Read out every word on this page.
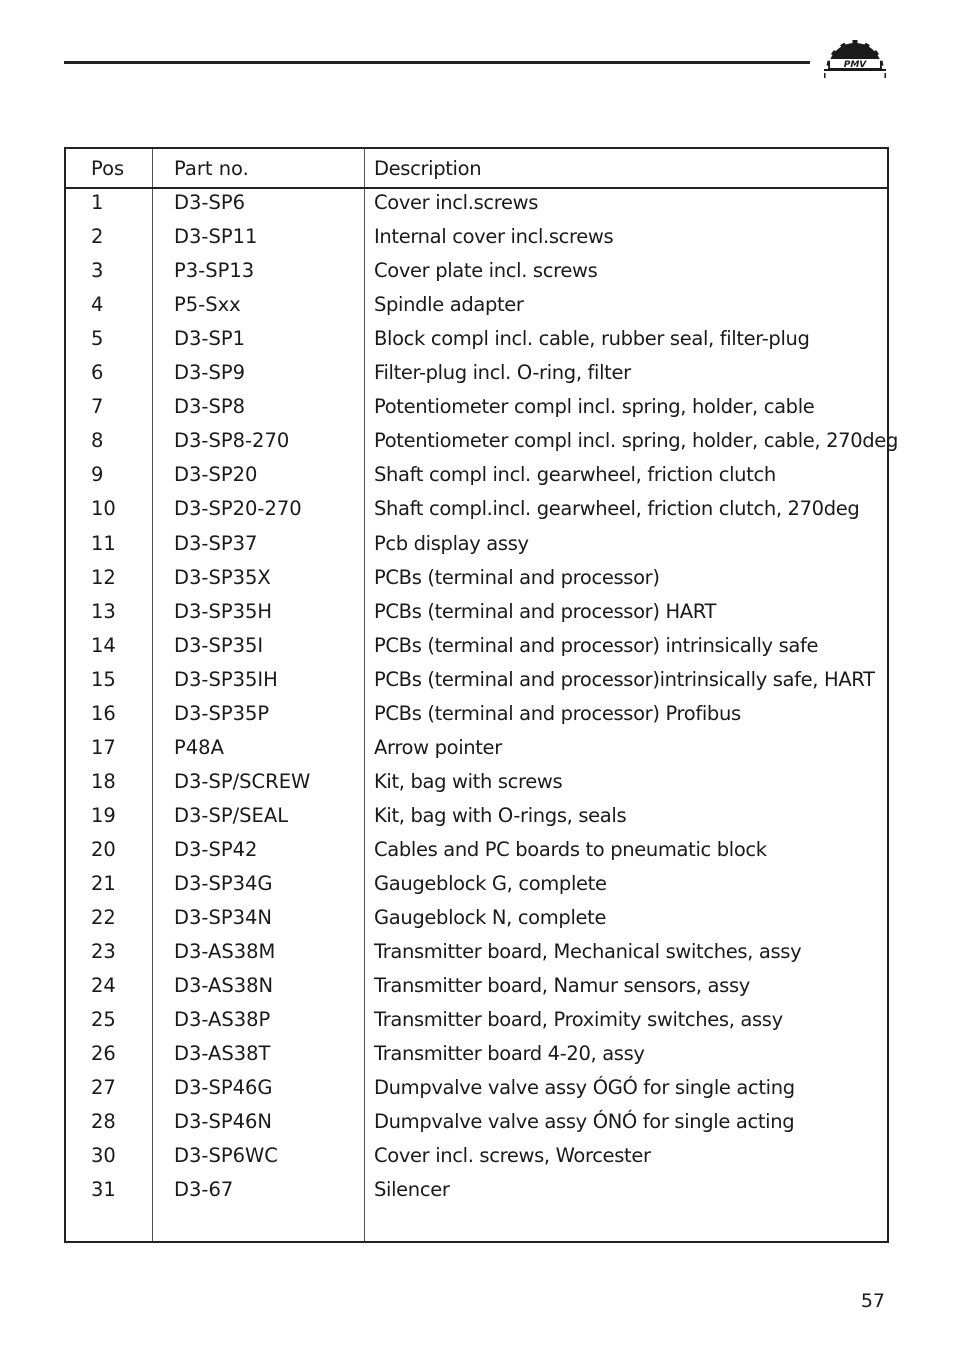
PMV
Pos	Part no.	Description
1	D3-SP6	Cover incl.screws
2	D3-SP11	Internal cover incl.screws
3	P3-SP13	Cover plate incl. screws
4	P5-Sxx	Spindle adapter
5	D3-SP1	Block compl incl. cable, rubber seal, filter-plug
6	D3-SP9	Filter-plug incl. O-ring, filter
7	D3-SP8	Potentiometer compl incl. spring, holder, cable
8	D3-SP8-270	Potentiometer compl incl. spring, holder, cable, 270deg
9	D3-SP20	Shaft compl incl. gearwheel, friction clutch
10	D3-SP20-270	Shaft compl.incl. gearwheel, friction clutch, 270deg
11	D3-SP37	Pcb display assy
12	D3-SP35X	PCBs (terminal and processor)
13	D3-SP35H	PCBs (terminal and processor) HART
14	D3-SP35I	PCBs (terminal and processor) intrinsically safe
15	D3-SP35IH	PCBs (terminal and processor)intrinsically safe, HART
16	D3-SP35P	PCBs (terminal and processor) Profibus
17	P48A	Arrow pointer
18	D3-SP/SCREW	Kit, bag with screws
19	D3-SP/SEAL	Kit, bag with O-rings, seals
20	D3-SP42	Cables and PC boards to pneumatic block
21	D3-SP34G	Gaugeblock G, complete
22	D3-SP34N	Gaugeblock N, complete
23	D3-AS38M	Transmitter board, Mechanical switches, assy
24	D3-AS38N	Transmitter board, Namur sensors, assy
25	D3-AS38P	Transmitter board, Proximity switches, assy
26	D3-AS38T	Transmitter board 4-20, assy
27	D3-SP46G	Dumpvalve valve assy ÓGÓ for single acting
28	D3-SP46N	Dumpvalve valve assy ÓNÓ for single acting
30	D3-SP6WC	Cover incl. screws, Worcester
31	D3-67	Silencer
57
